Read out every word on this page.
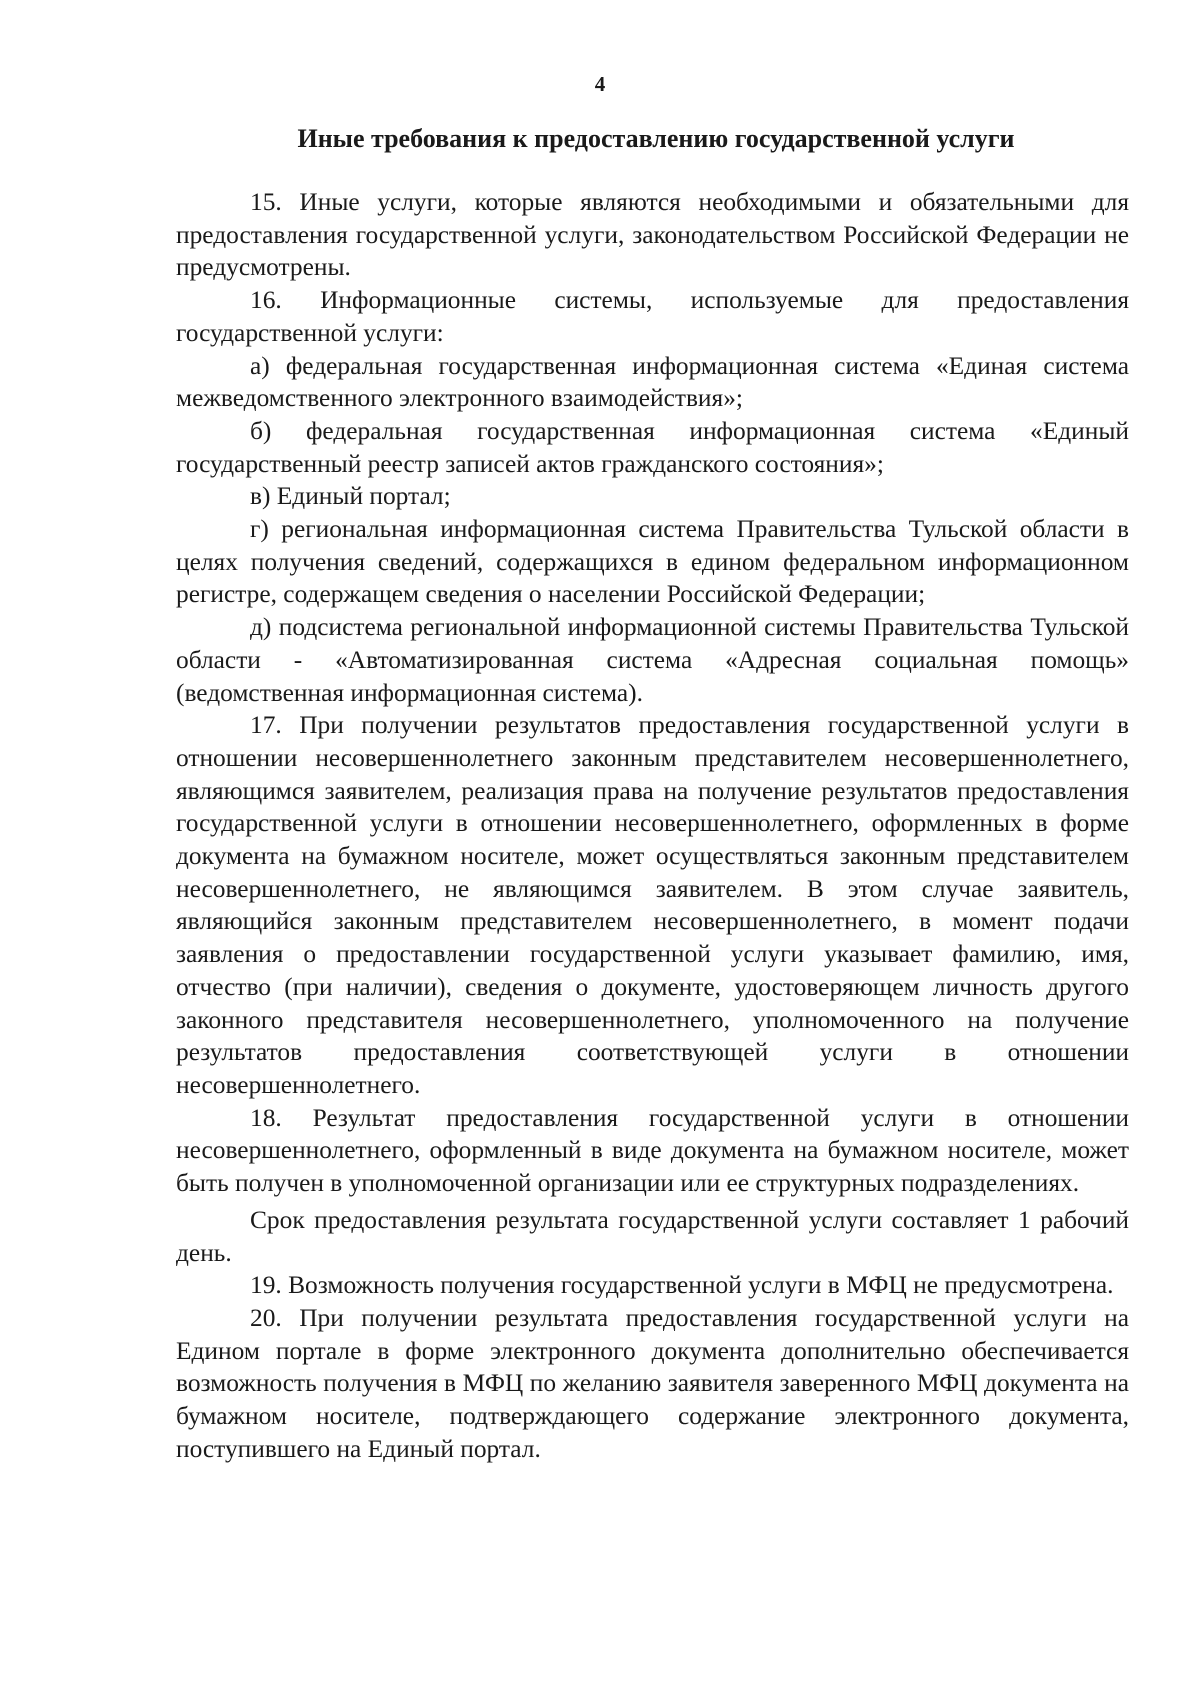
4
Иные требования к предоставлению государственной услуги

15. Иные услуги, которые являются необходимыми и обязательными для предоставления государственной услуги, законодательством Российской Федерации не предусмотрены.

16. Информационные системы, используемые для предоставления государственной услуги:

а) федеральная государственная информационная система «Единая система межведомственного электронного взаимодействия»;

б) федеральная государственная информационная система «Единый государственный реестр записей актов гражданского состояния»;

в) Единый портал;

г) региональная информационная система Правительства Тульской области в целях получения сведений, содержащихся в едином федеральном информационном регистре, содержащем сведения о населении Российской Федерации;

д) подсистема региональной информационной системы Правительства Тульской области - «Автоматизированная система «Адресная социальная помощь» (ведомственная информационная система).

17. При получении результатов предоставления государственной услуги в отношении несовершеннолетнего законным представителем несовершеннолетнего, являющимся заявителем, реализация права на получение результатов предоставления государственной услуги в отношении несовершеннолетнего, оформленных в форме документа на бумажном носителе, может осуществляться законным представителем несовершеннолетнего, не являющимся заявителем. В этом случае заявитель, являющийся законным представителем несовершеннолетнего, в момент подачи заявления о предоставлении государственной услуги указывает фамилию, имя, отчество (при наличии), сведения о документе, удостоверяющем личность другого законного представителя несовершеннолетнего, уполномоченного на получение результатов предоставления соответствующей услуги в отношении несовершеннолетнего.

18. Результат предоставления государственной услуги в отношении несовершеннолетнего, оформленный в виде документа на бумажном носителе, может быть получен в уполномоченной организации или ее структурных подразделениях.

Срок предоставления результата государственной услуги составляет 1 рабочий день.

19. Возможность получения государственной услуги в МФЦ не предусмотрена.

20. При получении результата предоставления государственной услуги на Едином портале в форме электронного документа дополнительно обеспечивается возможность получения в МФЦ по желанию заявителя заверенного МФЦ документа на бумажном носителе, подтверждающего содержание электронного документа, поступившего на Единый портал.
